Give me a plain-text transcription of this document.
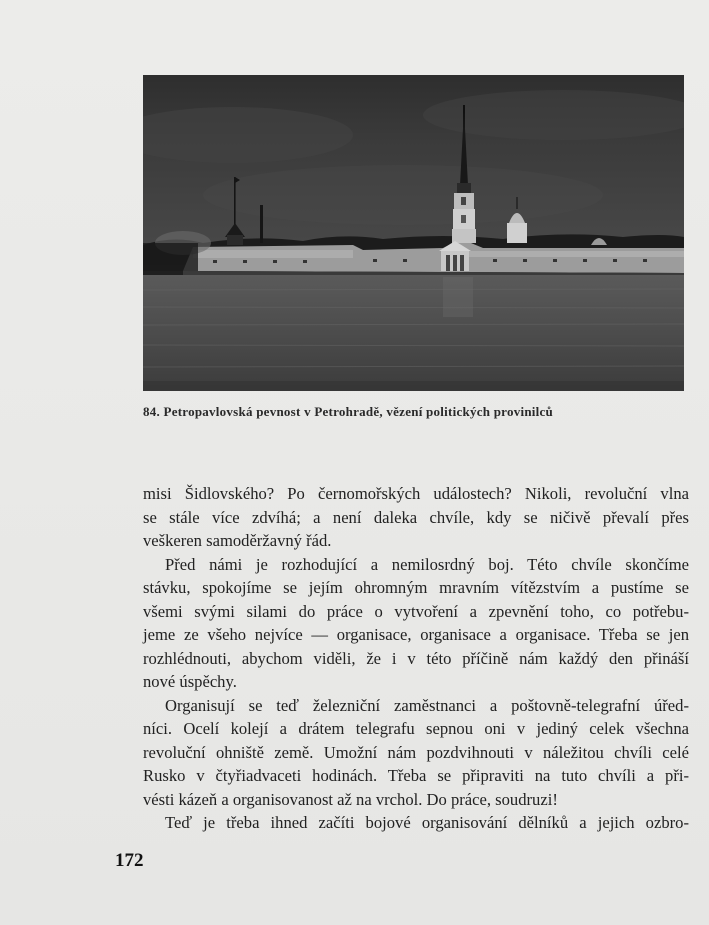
84. Petropavlovská pevnost v Petrohradě, vězení politických provinilců

misi Šidlovského? Po černomořských událostech? Nikoli, revoluční vlna
se stále více zdvíhá; a není daleka chvíle, kdy se ničivě převalí přes

veškeren samoděržavný řád.

Před námi je rozhodující a nemilosrdný boj. Této chvíle skončíme

stávku, spokojíme se jejím ohromným mravním vítězstvím a pustíme se

všemi svými silami do práce o vytvoření a zpevnění toho, co potřebu-

jeme ze všeho nejvíce — organisace, organisace a organisace. Třeba se jen

rozhlédnouti, abychom viděli, že i v této příčině nám každý den přináší

nové úspěchy.

Organisují se teď železniční zaměstnanci a poštovně-telegrafní úřed-

níci. Ocelí kolejí a drátem telegrafu sepnou oni v jediný celek všechna

revoluční ohniště země. Umožní nám pozdvihnouti v náležitou chvíli celé

Rusko v čtyřiadvaceti hodinách. Třeba se připraviti na tuto chvíli a při-

vésti kázeň a organisovanost až na vrchol. Do práce, soudruzi!

Teď je třeba ihned začíti bojové organisování dělníků a jejich ozbro-

172
